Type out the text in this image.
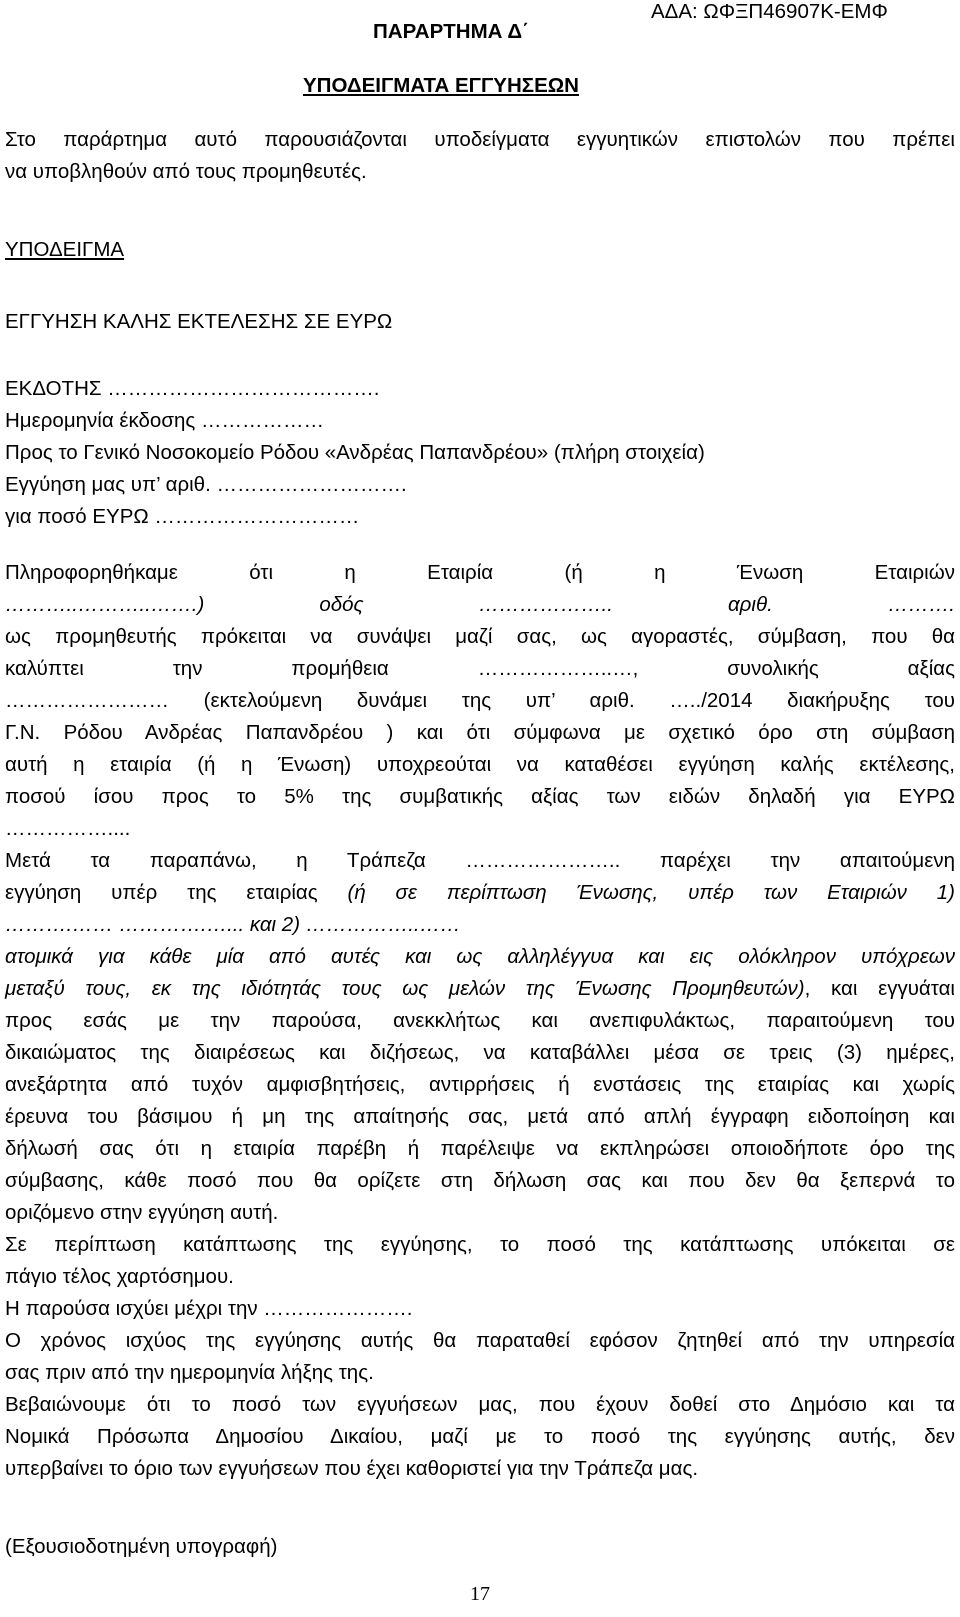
ΠΑΡΑΡΤΗΜΑ Δ΄
ΑΔΑ: ΩΦΞΠ46907Κ-ΕΜΦ
ΥΠΟΔΕΙΓΜΑΤΑ ΕΓΓΥΗΣΕΩΝ
Στο παράρτημα αυτό παρουσιάζονται υποδείγματα εγγυητικών επιστολών που πρέπει
να υποβληθούν από τους προμηθευτές.
ΥΠΟΔΕΙΓΜΑ
ΕΓΓΥΗΣΗ ΚΑΛΗΣ ΕΚΤΕΛΕΣΗΣ ΣΕ ΕΥΡΩ
ΕΚΔΟΤΗΣ ………………………………….
Ημερομηνία έκδοσης ………………
Προς το Γενικό Νοσοκομείο Ρόδου «Ανδρέας Παπανδρέου» (πλήρη στοιχεία)
Εγγύηση μας υπ’ αριθ. ……………………….
για ποσό ΕΥΡΩ …………………………
Πληροφορηθήκαμε ότι η Εταιρία (ή η Ένωση Εταιριών
………..………..…….) οδός ……………….. αριθ. ……….
ως προμηθευτής πρόκειται να συνάψει μαζί σας, ως αγοραστές, σύμβαση, που θα
καλύπτει την προμήθεια ………………..…, συνολικής αξίας
…………………… (εκτελούμενη δυνάμει της υπ’ αριθ. …../2014 διακήρυξης του
Γ.Ν. Ρόδου Ανδρέας Παπανδρέου ) και ότι σύμφωνα με σχετικό όρο στη σύμβαση
αυτή η εταιρία (ή η Ένωση) υποχρεούται να καταθέσει εγγύηση καλής εκτέλεσης,
ποσού ίσου προς το 5% της συμβατικής αξίας των ειδών δηλαδή για ΕΥΡΩ
……………....
Μετά τα παραπάνω, η Τράπεζα ………………….. παρέχει την απαιτούμενη
εγγύηση υπέρ της εταιρίας (ή σε περίπτωση Ένωσης, υπέρ των Εταιριών 1)
……….…… ………….…... και 2) ……………..……
ατομικά για κάθε μία από αυτές και ως αλληλέγγυα και εις ολόκληρον υπόχρεων
μεταξύ τους, εκ της ιδιότητάς τους ως μελών της Ένωσης Προμηθευτών), και εγγυάται
προς εσάς με την παρούσα, ανεκκλήτως και ανεπιφυλάκτως, παραιτούμενη του
δικαιώματος της διαιρέσεως και διζήσεως, να καταβάλλει μέσα σε τρεις (3) ημέρες,
ανεξάρτητα από τυχόν αμφισβητήσεις, αντιρρήσεις ή ενστάσεις της εταιρίας και χωρίς
έρευνα του βάσιμου ή μη της απαίτησής σας, μετά από απλή έγγραφη ειδοποίηση και
δήλωσή σας ότι η εταιρία παρέβη ή παρέλειψε να εκπληρώσει οποιοδήποτε όρο της
σύμβασης, κάθε ποσό που θα ορίζετε στη δήλωση σας και που δεν θα ξεπερνά το
οριζόμενο στην εγγύηση αυτή.
Σε περίπτωση κατάπτωσης της εγγύησης, το ποσό της κατάπτωσης υπόκειται σε
πάγιο τέλος χαρτόσημου.
Η παρούσα ισχύει μέχρι την ………………….
Ο χρόνος ισχύος της εγγύησης αυτής θα παραταθεί εφόσον ζητηθεί από την υπηρεσία
σας πριν από την ημερομηνία λήξης της.
Βεβαιώνουμε ότι το ποσό των εγγυήσεων μας, που έχουν δοθεί στο Δημόσιο και τα
Νομικά Πρόσωπα Δημοσίου Δικαίου, μαζί με το ποσό της εγγύησης αυτής, δεν
υπερβαίνει το όριο των εγγυήσεων που έχει καθοριστεί για την Τράπεζα μας.
(Εξουσιοδοτημένη υπογραφή)
17
